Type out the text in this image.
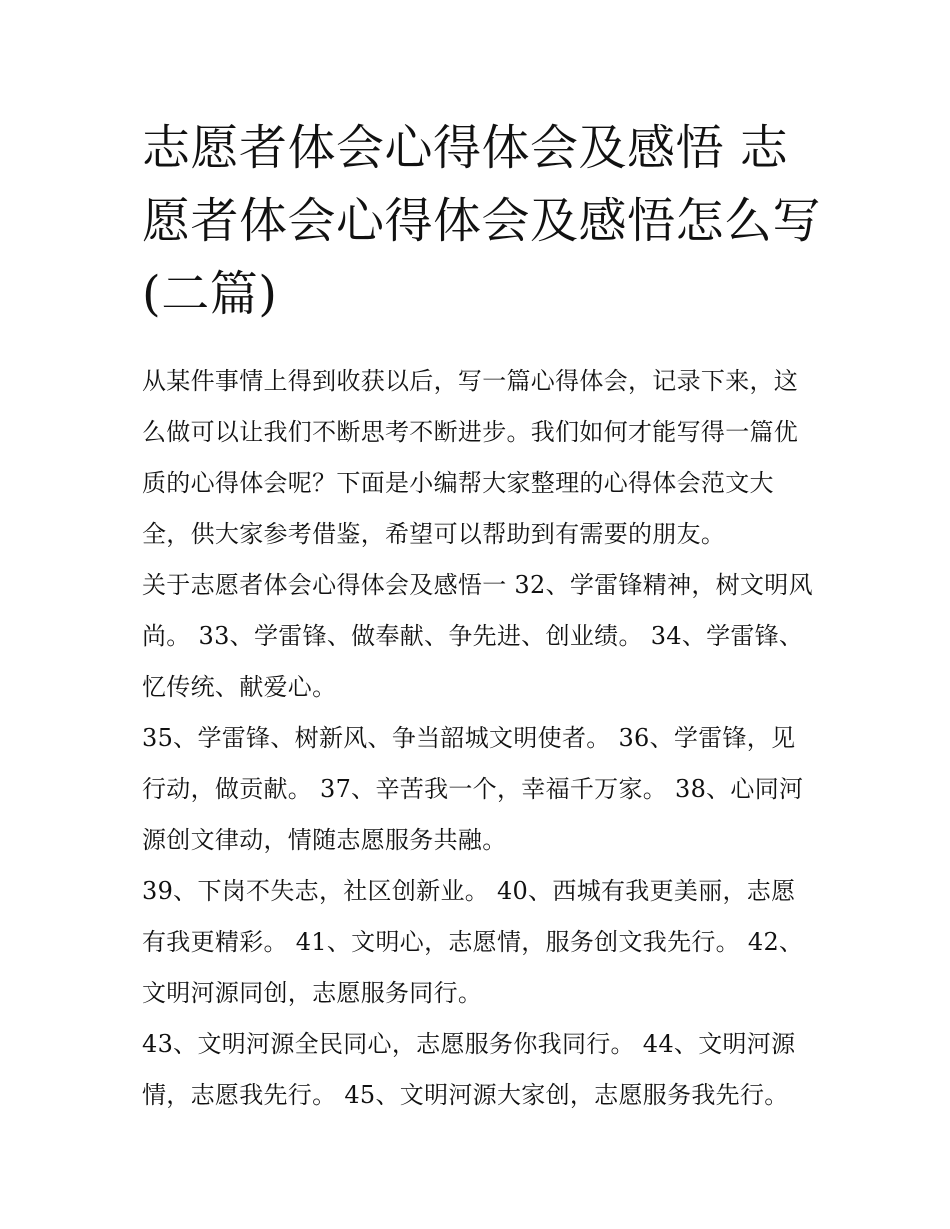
志愿者体会心得体会及感悟 志愿者体会心得体会及感悟怎么写(二篇)

从某件事情上得到收获以后，写一篇心得体会，记录下来，这么做可以让我们不断思考不断进步。我们如何才能写得一篇优质的心得体会呢？下面是小编帮大家整理的心得体会范文大全，供大家参考借鉴，希望可以帮助到有需要的朋友。

关于志愿者体会心得体会及感悟一 32、学雷锋精神，树文明风尚。 33、学雷锋、做奉献、争先进、创业绩。 34、学雷锋、忆传统、献爱心。

35、学雷锋、树新风、争当韶城文明使者。 36、学雷锋，见行动，做贡献。 37、辛苦我一个，幸福千万家。 38、心同河源创文律动，情随志愿服务共融。

39、下岗不失志，社区创新业。 40、西城有我更美丽，志愿有我更精彩。 41、文明心，志愿情，服务创文我先行。 42、文明河源同创，志愿服务同行。

43、文明河源全民同心，志愿服务你我同行。 44、文明河源情，志愿我先行。 45、文明河源大家创，志愿服务我先行。
